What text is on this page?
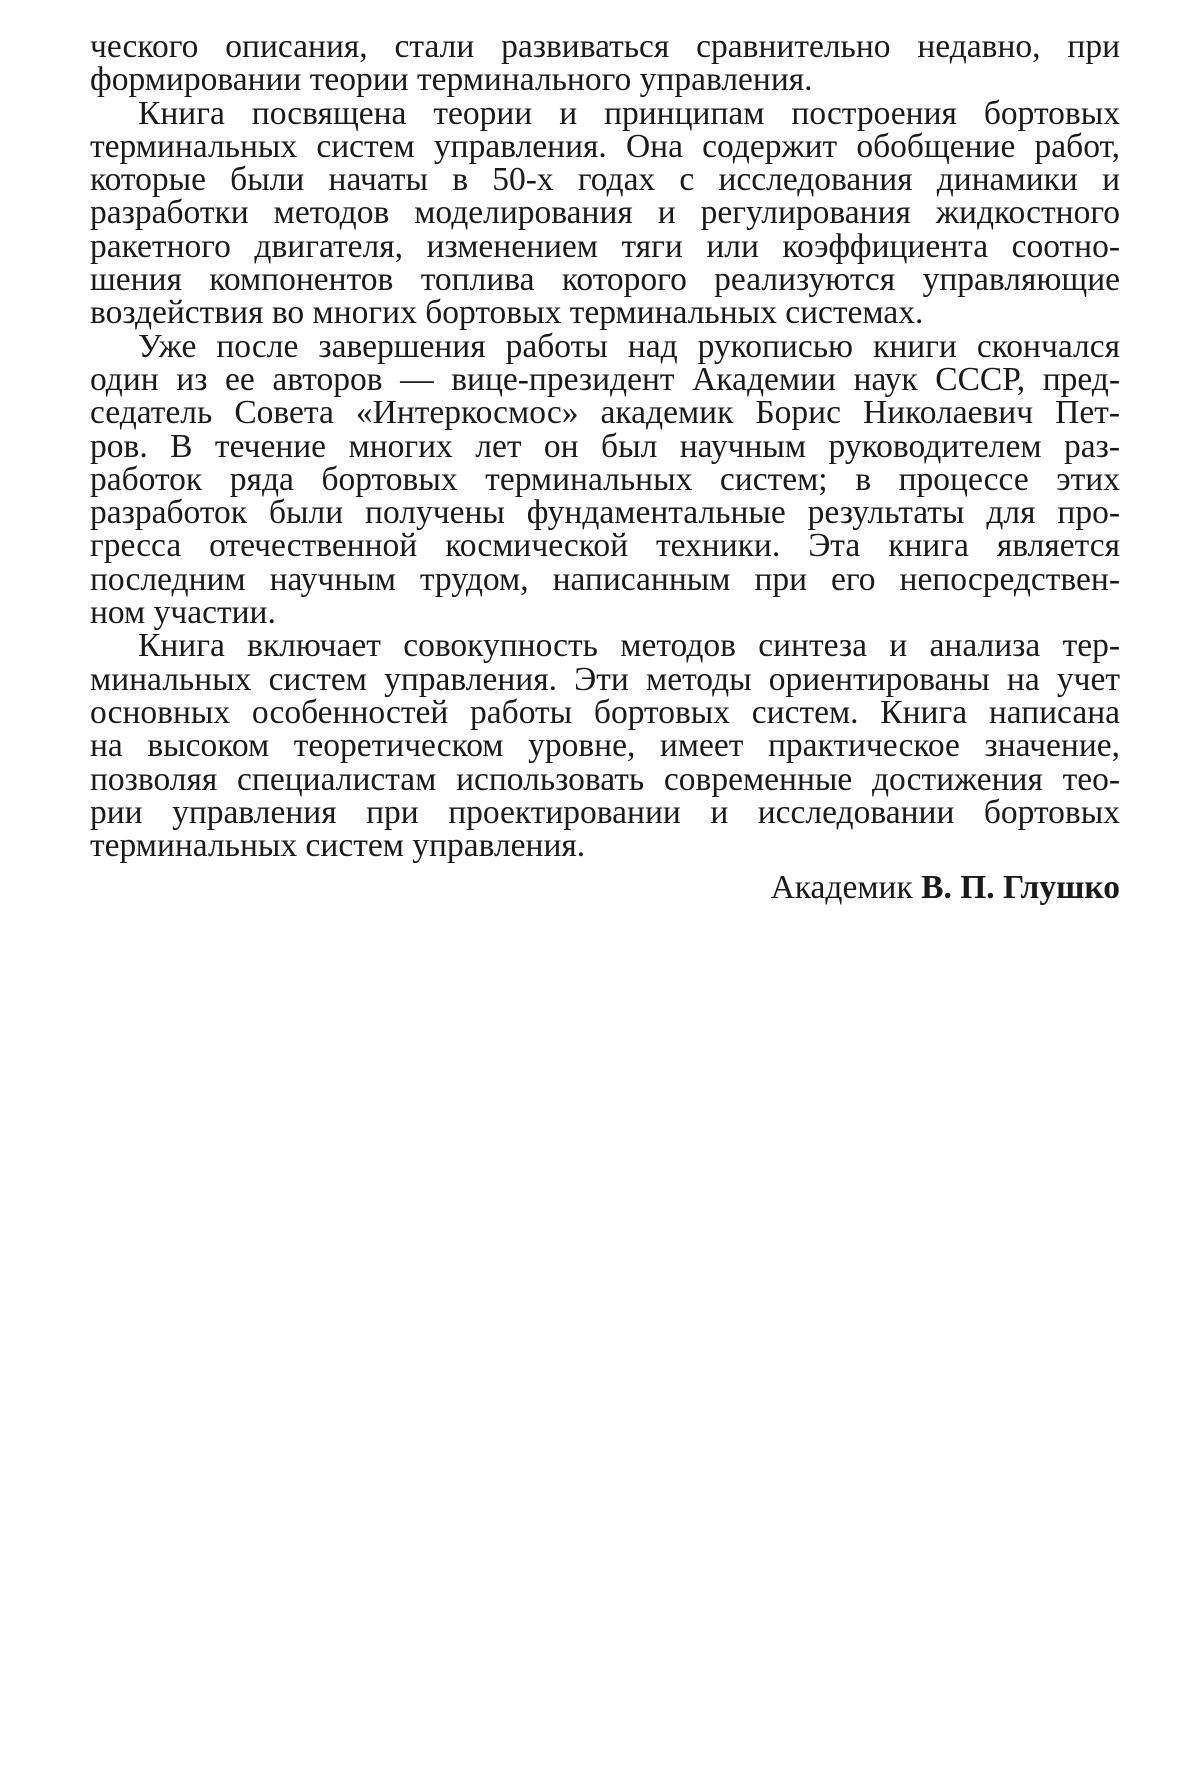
ческого описания, стали развиваться сравнительно недавно, при
формировании теории терминального управления.
Книга посвящена теории и принципам построения бортовых
терминальных систем управления. Она содержит обобщение работ,
которые были начаты в 50-х годах с исследования динамики и
разработки методов моделирования и регулирования жидкостного
ракетного двигателя, изменением тяги или коэффициента соотно-
шения компонентов топлива которого реализуются управляющие
воздействия во многих бортовых терминальных системах.
Уже после завершения работы над рукописью книги скончался
один из ее авторов — вице-президент Академии наук СССР, пред-
седатель Совета «Интеркосмос» академик Борис Николаевич Пет-
ров. В течение многих лет он был научным руководителем раз-
работок ряда бортовых терминальных систем; в процессе этих
разработок были получены фундаментальные результаты для про-
гресса отечественной космической техники. Эта книга является
последним научным трудом, написанным при его непосредствен-
ном участии.
Книга включает совокупность методов синтеза и анализа тер-
минальных систем управления. Эти методы ориентированы на учет
основных особенностей работы бортовых систем. Книга написана
на высоком теоретическом уровне, имеет практическое значение,
позволяя специалистам использовать современные достижения тео-
рии управления при проектировании и исследовании бортовых
терминальных систем управления.
Академик В. П. Глушко
